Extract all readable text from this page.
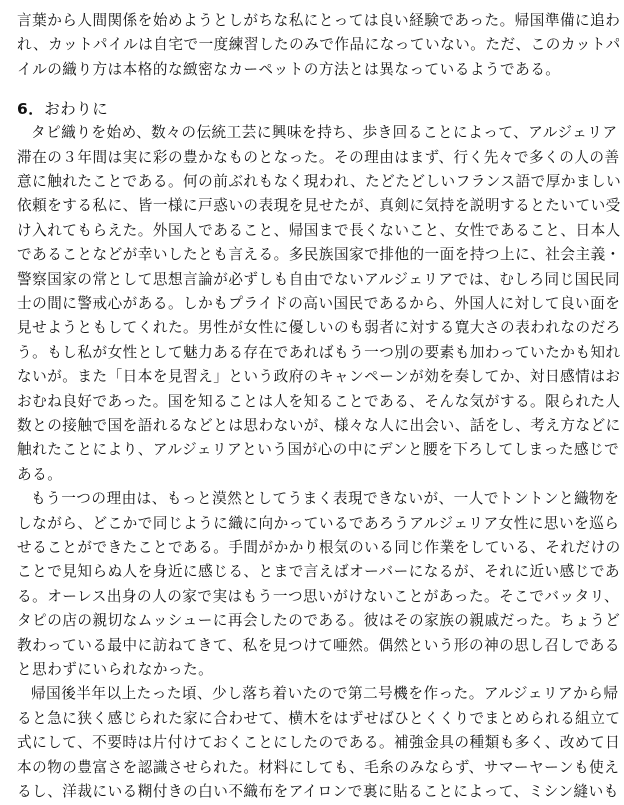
言葉から人間関係を始めようとしがちな私にとっては良い経験であった。帰国準備に追わ
れ、カットパイルは自宅で一度練習したのみで作品になっていない。ただ、このカットパ
イルの織り方は本格的な緻密なカーペットの方法とは異なっているようである。
6．おわりに
タピ織りを始め、数々の伝統工芸に興味を持ち、歩き回ることによって、アルジェリア
滞在の３年間は実に彩の豊かなものとなった。その理由はまず、行く先々で多くの人の善
意に触れたことである。何の前ぶれもなく現われ、たどたどしいフランス語で厚かましい
依頼をする私に、皆一様に戸惑いの表現を見せたが、真剣に気持を説明するとたいてい受
け入れてもらえた。外国人であること、帰国まで長くないこと、女性であること、日本人
であることなどが幸いしたとも言える。多民族国家で排他的一面を持つ上に、社会主義・
警察国家の常として思想言論が必ずしも自由でないアルジェリアでは、むしろ同じ国民同
士の間に警戒心がある。しかもプライドの高い国民であるから、外国人に対して良い面を
見せようともしてくれた。男性が女性に優しいのも弱者に対する寛大さの表われなのだろ
う。もし私が女性として魅力ある存在であればもう一つ別の要素も加わっていたかも知れ
ないが。また「日本を見習え」という政府のキャンペーンが効を奏してか、対日感情はお
おむね良好であった。国を知ることは人を知ることである、そんな気がする。限られた人
数との接触で国を語れるなどとは思わないが、様々な人に出会い、話をし、考え方などに
触れたことにより、アルジェリアという国が心の中にデンと腰を下ろしてしまった感じで
ある。
もう一つの理由は、もっと漠然としてうまく表現できないが、一人でトントンと織物を
しながら、どこかで同じように織に向かっているであろうアルジェリア女性に思いを巡ら
せることができたことである。手間がかかり根気のいる同じ作業をしている、それだけの
ことで見知らぬ人を身近に感じる、とまで言えばオーバーになるが、それに近い感じであ
る。オーレス出身の人の家で実はもう一つ思いがけないことがあった。そこでバッタリ、
タピの店の親切なムッシューに再会したのである。彼はその家族の親戚だった。ちょうど
教わっている最中に訪ねてきて、私を見つけて唖然。偶然という形の神の思し召しである
と思わずにいられなかった。
帰国後半年以上たった頃、少し落ち着いたので第二号機を作った。アルジェリアから帰
ると急に狭く感じられた家に合わせて、横木をはずせばひとくくりでまとめられる組立て
式にして、不要時は片付けておくことにしたのである。補強金具の種類も多く、改めて日
本の物の豊富さを認識させられた。材料にしても、毛糸のみならず、サマーヤーンも使え
るし、洋裁にいる糊付きの白い不織布をアイロンで裏に貼ることによって、ミシン縫いも
